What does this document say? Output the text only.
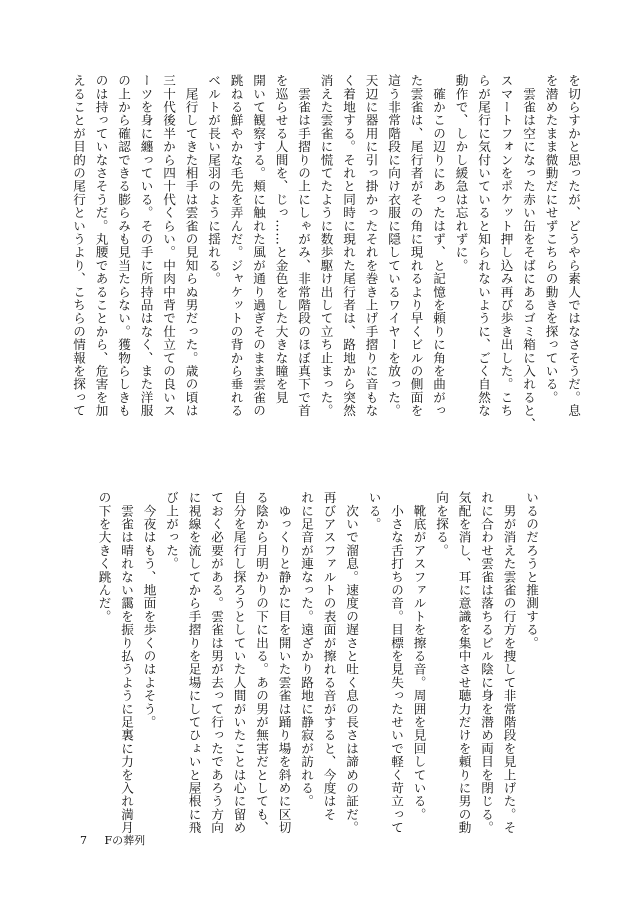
を切らすかと思ったが、どうやら素人ではなさそうだ。息
を潜めたまま微動だにせずこちらの動きを探っている。
　雲雀は空になった赤い缶をそばにあるゴミ箱に入れると、
スマートフォンをポケット押し込み再び歩き出した。こち
らが尾行に気付いていると知られないように、ごく自然な
動作で、しかし緩急は忘れずに。
　確かこの辺りにあったはず、と記憶を頼りに角を曲がっ
た雲雀は、尾行者がその角に現れるより早くビルの側面を
這う非常階段に向け衣服に隠しているワイヤーを放った。
天辺に器用に引っ掛かったそれを巻き上げ手摺りに音もな
く着地する。それと同時に現れた尾行者は、路地から突然
消えた雲雀に慌てたように数歩駆け出して立ち止まった。
　雲雀は手摺りの上にしゃがみ、非常階段のほぼ真下で首
を巡らせる人間を、じっ……と金色をした大きな瞳を見
開いて観察する。頬に触れた風が通り過ぎそのまま雲雀の
跳ねる鮮やかな毛先を弄んだ。ジャケットの背から垂れる
ベルトが長い尾羽のように揺れる。
　尾行してきた相手は雲雀の見知らぬ男だった。歳の頃は
三十代後半から四十代くらい。中肉中背で仕立ての良いス
ーツを身に纏っている。その手に所持品はなく、また洋服
の上から確認できる膨らみも見当たらない。獲物らしきも
のは持っていなさそうだ。丸腰であることから、危害を加
えることが目的の尾行というより、こちらの情報を探って
いるのだろうと推測する。
　男が消えた雲雀の行方を捜して非常階段を見上げた。そ
れに合わせ雲雀は落ちるビル陰に身を潜め両目を閉じる。
気配を消し、耳に意識を集中させ聴力だけを頼りに男の動
向を探る。
　靴底がアスファルトを擦る音。周囲を見回している。
　小さな舌打ちの音。目標を見失ったせいで軽く苛立って
いる。
　次いで溜息。速度の遅さと吐く息の長さは諦めの証だ。
再びアスファルトの表面が擦れる音がすると、今度はそ
れに足音が連なった。遠ざかり路地に静寂が訪れる。
　ゆっくりと静かに目を開いた雲雀は踊り場を斜めに区切
る陰から月明かりの下に出る。あの男が無害だとしても、
自分を尾行し探ろうとしていた人間がいたことは心に留め
ておく必要がある。雲雀は男が去って行ったであろう方向
に視線を流してから手摺りを足場にしてひょいと屋根に飛
び上がった。
　今夜はもう、地面を歩くのはよそう。
　雲雀は晴れない靄を振り払うように足裏に力を入れ満月
の下を大きく跳んだ。
7 Fの葬列
